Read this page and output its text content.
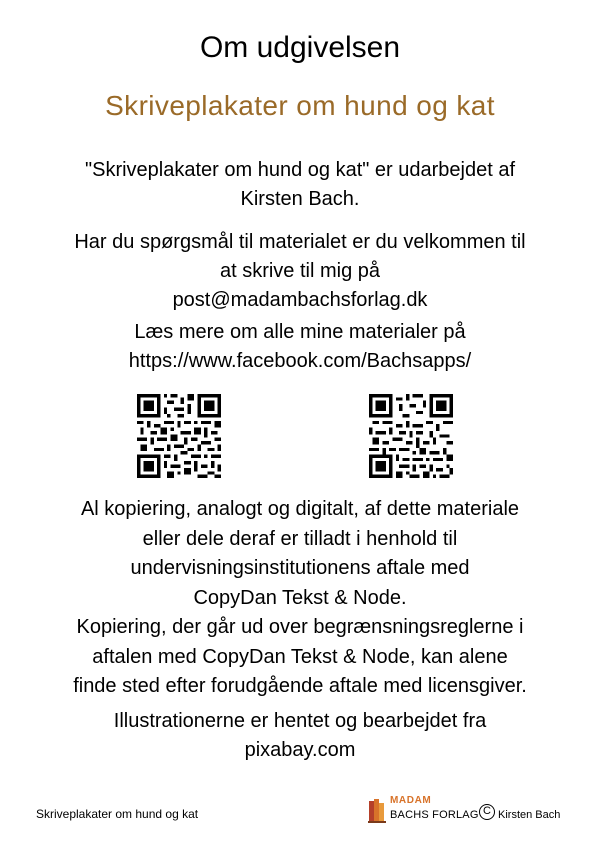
Om udgivelsen
Skriveplakater om hund og kat
"Skriveplakater om hund og kat" er udarbejdet af
Kirsten Bach.
Har du spørgsmål til materialet er du velkommen til
at skrive til mig på
post@madambachsforlag.dk
Læs mere om alle mine materialer på
https://www.facebook.com/Bachsapps/
Al kopiering, analogt og digitalt, af dette materiale
eller dele deraf er tilladt i henhold til
undervisningsinstitutionens aftale med
CopyDan Tekst & Node.
Kopiering, der går ud over begrænsningsreglerne i
aftalen med CopyDan Tekst & Node, kan alene
finde sted efter forudgående aftale med licensgiver.
Illustrationerne er hentet og bearbejdet fra
pixabay.com
Skriveplakater om hund og kat
MADAM
BACHS FORLAG C Kirsten Bach
